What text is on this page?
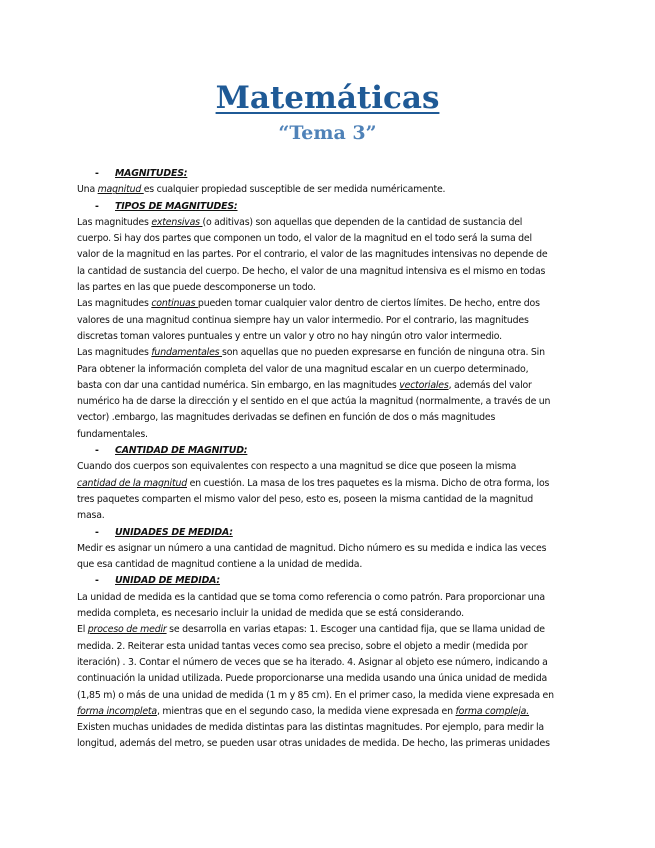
Matemáticas
“Tema 3”

- MAGNITUDES:

Una magnitud es cualquier propiedad susceptible de ser medida numéricamente.

- TIPOS DE MAGNITUDES:

Las magnitudes extensivas (o aditivas) son aquellas que dependen de la cantidad de sustancia del

cuerpo. Si hay dos partes que componen un todo, el valor de la magnitud en el todo será la suma del

valor de la magnitud en las partes. Por el contrario, el valor de las magnitudes intensivas no depende de

la cantidad de sustancia del cuerpo. De hecho, el valor de una magnitud intensiva es el mismo en todas

las partes en las que puede descomponerse un todo.

Las magnitudes continuas pueden tomar cualquier valor dentro de ciertos límites. De hecho, entre dos

valores de una magnitud continua siempre hay un valor intermedio. Por el contrario, las magnitudes

discretas toman valores puntuales y entre un valor y otro no hay ningún otro valor intermedio.

Las magnitudes fundamentales son aquellas que no pueden expresarse en función de ninguna otra. Sin

Para obtener la información completa del valor de una magnitud escalar en un cuerpo determinado,

basta con dar una cantidad numérica. Sin embargo, en las magnitudes vectoriales, además del valor

numérico ha de darse la dirección y el sentido en el que actúa la magnitud (normalmente, a través de un

vector) .embargo, las magnitudes derivadas se definen en función de dos o más magnitudes

fundamentales.

- CANTIDAD DE MAGNITUD:

Cuando dos cuerpos son equivalentes con respecto a una magnitud se dice que poseen la misma

cantidad de la magnitud en cuestión. La masa de los tres paquetes es la misma. Dicho de otra forma, los

tres paquetes comparten el mismo valor del peso, esto es, poseen la misma cantidad de la magnitud

masa.

- UNIDADES DE MEDIDA:

Medir es asignar un número a una cantidad de magnitud. Dicho número es su medida e indica las veces

que esa cantidad de magnitud contiene a la unidad de medida.

- UNIDAD DE MEDIDA:

La unidad de medida es la cantidad que se toma como referencia o como patrón. Para proporcionar una

medida completa, es necesario incluir la unidad de medida que se está considerando.

El proceso de medir se desarrolla en varias etapas: 1. Escoger una cantidad fija, que se llama unidad de

medida. 2. Reiterar esta unidad tantas veces como sea preciso, sobre el objeto a medir (medida por

iteración) . 3. Contar el número de veces que se ha iterado. 4. Asignar al objeto ese número, indicando a

continuación la unidad utilizada. Puede proporcionarse una medida usando una única unidad de medida

(1,85 m) o más de una unidad de medida (1 m y 85 cm). En el primer caso, la medida viene expresada en

forma incompleta, mientras que en el segundo caso, la medida viene expresada en forma compleja.

Existen muchas unidades de medida distintas para las distintas magnitudes. Por ejemplo, para medir la

longitud, además del metro, se pueden usar otras unidades de medida. De hecho, las primeras unidades
